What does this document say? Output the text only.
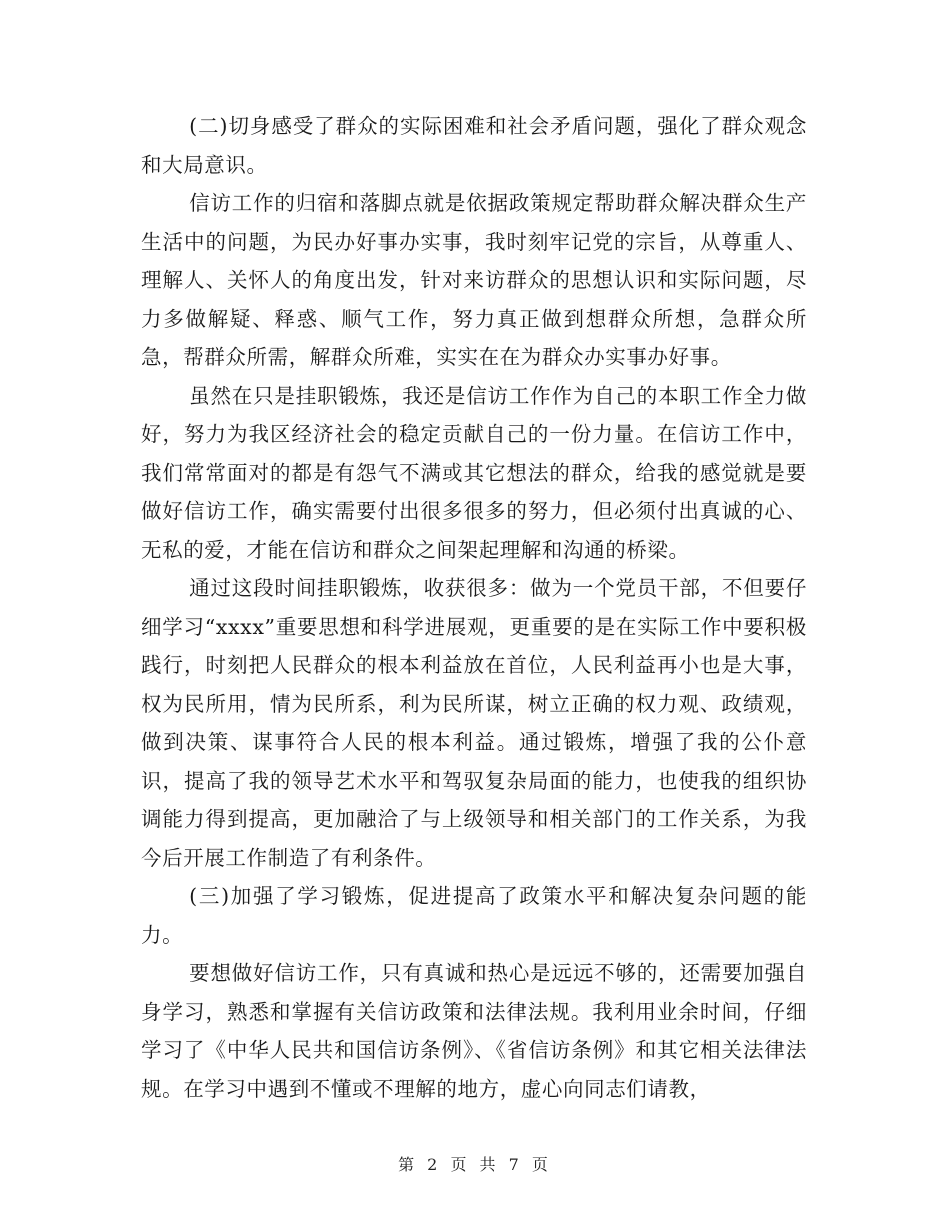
(二)切身感受了群众的实际困难和社会矛盾问题，强化了群众观念和大局意识。

信访工作的归宿和落脚点就是依据政策规定帮助群众解决群众生产生活中的问题，为民办好事办实事，我时刻牢记党的宗旨，从尊重人、理解人、关怀人的角度出发，针对来访群众的思想认识和实际问题，尽力多做解疑、释惑、顺气工作，努力真正做到想群众所想，急群众所急，帮群众所需，解群众所难，实实在在为群众办实事办好事。

虽然在只是挂职锻炼，我还是信访工作作为自己的本职工作全力做好，努力为我区经济社会的稳定贡献自己的一份力量。在信访工作中，我们常常面对的都是有怨气不满或其它想法的群众，给我的感觉就是要做好信访工作，确实需要付出很多很多的努力，但必须付出真诚的心、无私的爱，才能在信访和群众之间架起理解和沟通的桥梁。

通过这段时间挂职锻炼，收获很多：做为一个党员干部，不但要仔细学习“xxxx”重要思想和科学进展观，更重要的是在实际工作中要积极践行，时刻把人民群众的根本利益放在首位，人民利益再小也是大事，权为民所用，情为民所系，利为民所谋，树立正确的权力观、政绩观，做到决策、谋事符合人民的根本利益。通过锻炼，增强了我的公仆意识，提高了我的领导艺术水平和驾驭复杂局面的能力，也使我的组织协调能力得到提高，更加融洽了与上级领导和相关部门的工作关系，为我今后开展工作制造了有利条件。

(三)加强了学习锻炼，促进提高了政策水平和解决复杂问题的能力。

要想做好信访工作，只有真诚和热心是远远不够的，还需要加强自身学习，熟悉和掌握有关信访政策和法律法规。我利用业余时间，仔细学习了《中华人民共和国信访条例》、《省信访条例》和其它相关法律法规。在学习中遇到不懂或不理解的地方，虚心向同志们请教，

第 2 页 共 7 页
